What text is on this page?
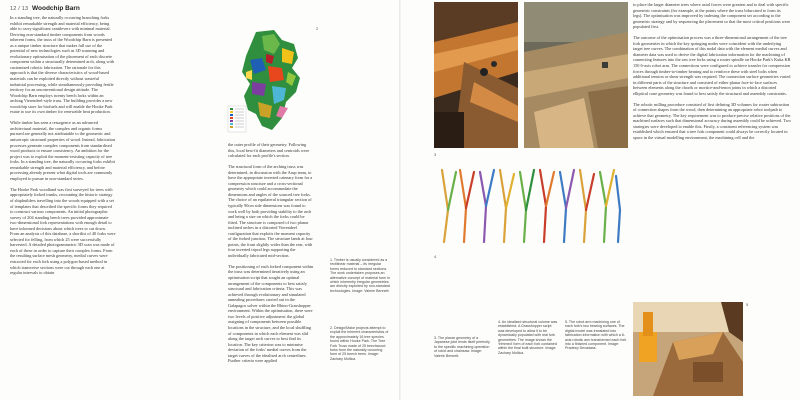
12 / 13 Woodchip Barn

In a standing tree, the naturally occurring branching forks exhibit remarkable strength and material efficiency, being able to carry significant cantilevers with minimal material. Deriving non-standard timber components from woods inherent forms, the truss of the Woodchip Barn is presented as a unique timber structure that makes full use of the potential of new technologies such as 3D scanning and evolutionary optimisation of the placement of each discrete component within a structurally determined arch, along with customised robotic fabrication. The rationale for this approach is that the diverse characteristics of wood-based materials can be exploited directly without wasteful industrial processing, while simultaneously providing fertile territory for an unconventional design attitude. The Woodchip Barn employs twenty beech forks within an arching Vierendeel-style truss. The building provides a new woodchip store for biofuels and will enable the Hooke Park estate to use its own timber for renewable heat production.

While timber has seen a resurgence as an advanced architectural material, the complex and organic forms pursued are generally not attributable to the geometric and anisotropic structural properties of wood. Instead, fabrication processes generate complex components from standardised wood products to ensure consistency. An ambition for the project was to exploit the moment-resisting capacity of tree forks. In a standing tree, the naturally occurring forks exhibit remarkable strength and material efficiency, and before processing already present what digital tools are commonly employed to pursue in non-standard series.

The Hooke Park woodland was first surveyed for trees with appropriately forked trunks, recounting the historic strategy of shipbuilders travelling into the woods equipped with a set of templates that described the specific forms they required to construct various components. An initial photographic survey of 204 standing beech trees provided approximate two-dimensional fork representations with enough detail to have informed decisions about which trees to cut down. From an analysis of this database, a shortlist of 40 forks were selected for felling, from which 25 were successfully harvested. A detailed photogrammetric 3D scan was made of each of these in order to capture their complex forms. From the resulting surface mesh geometry, medial curves were extracted for each fork using a polygon-based method in which transverse sections were cut through each one at regular intervals to obtain

2

the outer profile of their geometry. Following this, local best-fit diameters and centroids were calculated for each profile's section.

The structural form of the arching truss was determined, in discussion with the Arup team, to have the appropriate inverted catenary form for a compression structure and a cross-sectional geometry which could accommodate the dimensions and angles of the sourced tree forks. The choice of an equilateral triangular section of typically 90cm side dimensions was found to work well by both providing stability to the arch and being a size on which the forks could be fitted. The structure is composed of two planar inclined arches in a distorted Vierendeel configuration that exploits the moment capacity of the forked junction. The structure lands at four points, the front slightly wider than the rear, with four inverted tripod legs supporting the individually fabricated mid-section.

The positioning of each forked component within the truss was determined iteratively using an optimisation script that sought an optimal arrangement of the components to best satisfy structural and fabrication criteria. This was achieved through evolutionary and simulated annealing procedures carried out in the Galapagos solver within the Rhino-Grasshopper environment. Within the optimisation, there were two levels of positive adjustment: the global assigning of components between possible locations in the structure, and the local shuffling of components in which each element was slid along the target arch curves to best find its location. The key criterion was to minimise deviation of the forks' medial curves from the target curves of the idealised arch centrelines. Further criteria were applied

1. Timber is usually considered as a rectilinear material – its irregular forms reduced to standard sections. The work undertaken proposes an alternative concept of material form in which inherently irregular geometries are directly exploited by non-standard technologies. Image: Valerie Bennett.
2. Design/Make projects attempt to exploit the inherent characteristics of the approximately 16 tree species found within Hooke Park. The Tree Fork Truss made of 25 beechwood forks from the naturally occurring form of 25 beech trees. Image: Zachary Mollica.
3
4
5
3. The planar geometry of a Japanese joint lends itself perfectly to the specific machining operation of robot and chainsaw. Image: Valerie Bennett.
4. An idealised structural volume was established. A Grasshopper script was developed to allow it to be dynamically populated with real fork geometries. The image shows the 'trimmed' form of each fork contained within the final built structure. Image: Zachary Mollica.
5. The robot arm machining one of each fork's two bearing surfaces. The digital model was translated into fabrication information with which a 6-axis robotic arm transformed each fork into a finished component. Image: Pradeep Devadass.

to place the larger diameter trees where axial forces were greatest and to deal with specific geometric constraints (for example, at the points where the truss bifurcated to form its legs). The optimisation was improved by indexing the component set according to the geometric strategy and by sequencing the placement so that the most critical positions were populated first.

The outcome of the optimisation process was a three-dimensional arrangement of the tree fork geometries in which the key springing nodes were coincident with the underlying target tree curves. The combination of this nodal data with the element medial curves and diameter data was used to derive the digital fabrication information for the machining of connecting features into the raw tree forks using a router spindle on Hooke Park's Kuka KR 150 6-axis robot arm. The connections were configured to achieve transfer for compression forces through timber-to-timber bearing and to reinforce these with steel bolts when additional tension or shear strength was required. The connection surface geometries varied in different parts of the structure and consisted of either planar face-to-face surfaces between elements along the chords or mortice-and-tenon joints in which a distorted elliptical cone geometry was found to best satisfy the structural and assembly constraints.

The robotic milling procedure consisted of first defining 3D volumes for router subtraction of connection shapes from the wood, then determining an appropriate robot toolpath to achieve that geometry. The key requirement was to produce precise relative positions of the machined surfaces such that dimensional accuracy during assembly could be achieved. Two strategies were developed to enable this. Firstly, a consistent referencing system was established which ensured that a tree fork component could always be correctly located in space in the virtual modelling environment, the machining cell and the
